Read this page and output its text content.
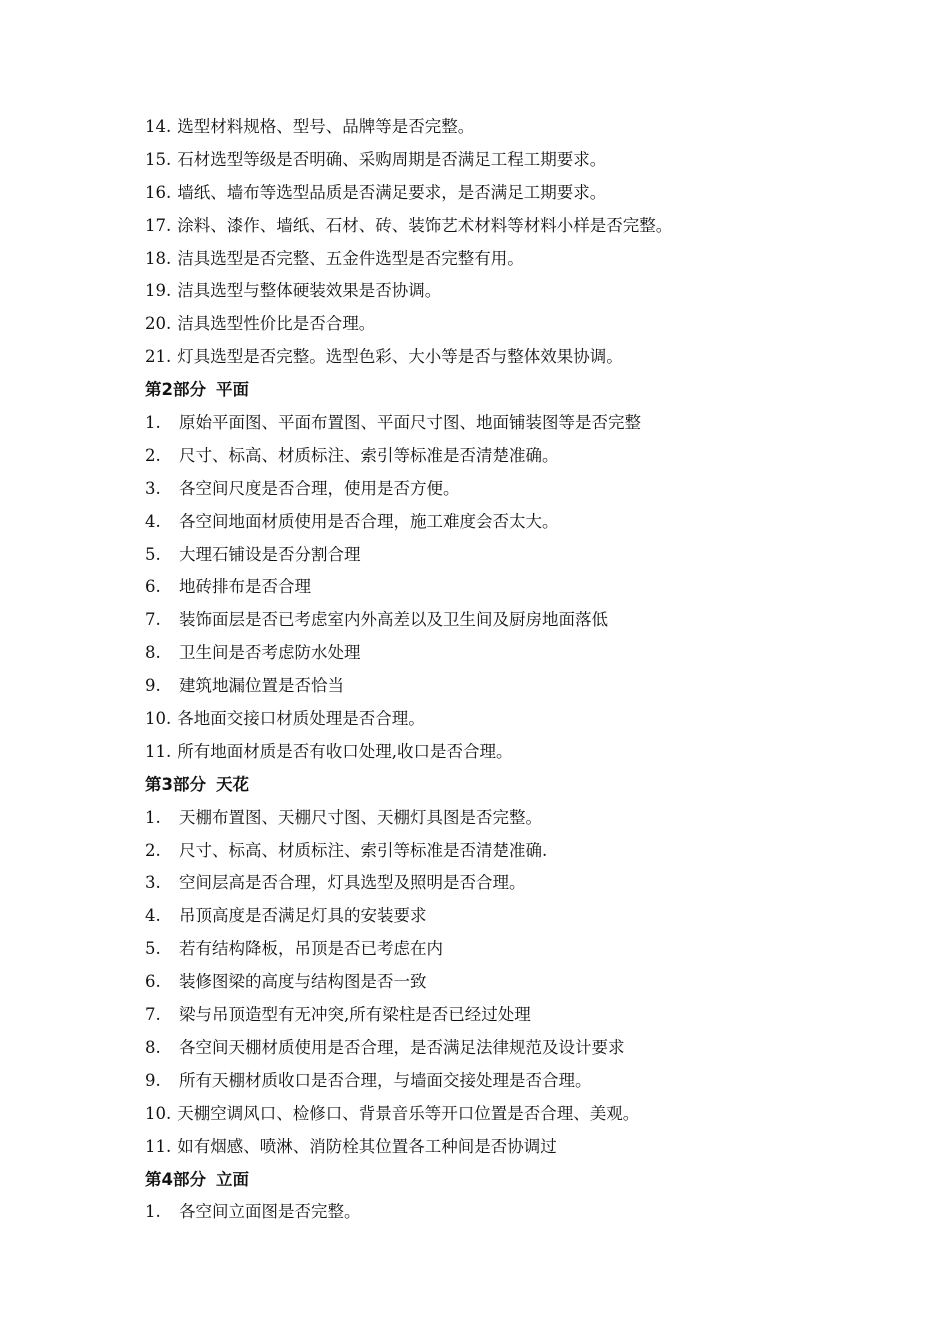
14. 选型材料规格、型号、品牌等是否完整。
15. 石材选型等级是否明确、采购周期是否满足工程工期要求。
16. 墙纸、墙布等选型品质是否满足要求，是否满足工期要求。
17. 涂料、漆作、墙纸、石材、砖、装饰艺术材料等材料小样是否完整。
18. 洁具选型是否完整、五金件选型是否完整有用。
19. 洁具选型与整体硬装效果是否协调。
20. 洁具选型性价比是否合理。
21. 灯具选型是否完整。选型色彩、大小等是否与整体效果协调。
第2部分 平面
1.	原始平面图、平面布置图、平面尺寸图、地面铺装图等是否完整
2.	尺寸、标高、材质标注、索引等标准是否清楚准确。
3.	各空间尺度是否合理，使用是否方便。
4.	各空间地面材质使用是否合理，施工难度会否太大。
5.	大理石铺设是否分割合理
6.	地砖排布是否合理
7.	装饰面层是否已考虑室内外高差以及卫生间及厨房地面落低
8.	卫生间是否考虑防水处理
9.	建筑地漏位置是否恰当
10. 各地面交接口材质处理是否合理。
11. 所有地面材质是否有收口处理,收口是否合理。
第3部分 天花
1.	天棚布置图、天棚尺寸图、天棚灯具图是否完整。
2.	尺寸、标高、材质标注、索引等标准是否清楚准确.
3.	空间层高是否合理，灯具选型及照明是否合理。
4.	吊顶高度是否满足灯具的安装要求
5.	若有结构降板，吊顶是否已考虑在内
6.	装修图梁的高度与结构图是否一致
7.	梁与吊顶造型有无冲突,所有梁柱是否已经过处理
8.	各空间天棚材质使用是否合理，是否满足法律规范及设计要求
9.	所有天棚材质收口是否合理，与墙面交接处理是否合理。
10. 天棚空调风口、检修口、背景音乐等开口位置是否合理、美观。
11. 如有烟感、喷淋、消防栓其位置各工种间是否协调过
第4部分 立面
1.	各空间立面图是否完整。
